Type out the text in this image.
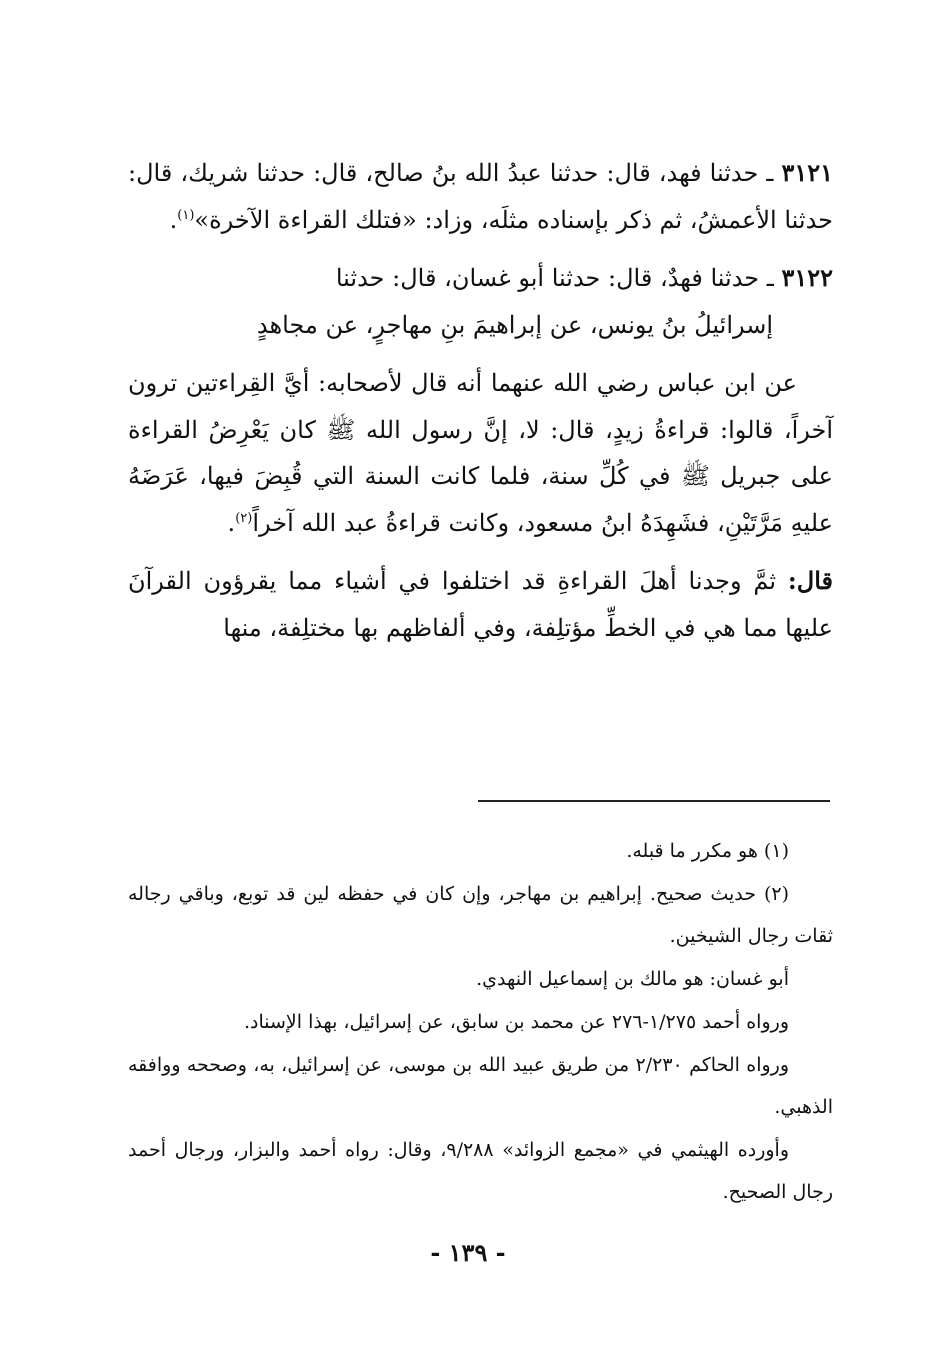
٣١٢١ ـ حدثنا فهد، قال: حدثنا عبدُ الله بنُ صالح، قال: حدثنا شريك، قال: حدثنا الأعمشُ، ثم ذكر بإسناده مثلَه، وزاد: «فتلك القراءة الآخرة»$^{(١)}$.

٣١٢٢ ـ حدثنا فهدٌ، قال: حدثنا أبو غسان، قال: حدثنا
إسرائيلُ بنُ يونس، عن إبراهيمَ بنِ مهاجرٍ، عن مجاهدٍ

عن ابن عباس رضي الله عنهما أنه قال لأصحابه: أيَّ القِراءتين ترون آخراً، قالوا: قراءةُ زيدٍ، قال: لا، إنَّ رسول الله ﷺ كان يَعْرِضُ القراءة على جبريل ﷺ في كُلِّ سنة، فلما كانت السنة التي قُبِضَ فيها، عَرَضَهُ عليهِ مَرَّتَيْنِ، فشَهِدَهُ ابنُ مسعود، وكانت قراءةُ عبد الله آخراً$^{(٢)}$.

قال: ثمَّ وجدنا أهلَ القراءةِ قد اختلفوا في أشياء مما يقرؤون القرآنَ عليها مما هي في الخطِّ مؤتلِفة، وفي ألفاظهم بها مختلِفة، منها

(١) هو مكرر ما قبله.

(٢) حديث صحيح. إبراهيم بن مهاجر، وإن كان في حفظه لين قد توبع، وباقي رجاله ثقات رجال الشيخين.

أبو غسان: هو مالك بن إسماعيل النهدي.

ورواه أحمد ١/٢٧٥-٢٧٦ عن محمد بن سابق، عن إسرائيل، بهذا الإسناد.

ورواه الحاكم ٢/٢٣٠ من طريق عبيد الله بن موسى، عن إسرائيل، به، وصححه ووافقه الذهبي.

وأورده الهيثمي في «مجمع الزوائد» ٩/٢٨٨، وقال: رواه أحمد والبزار، ورجال أحمد رجال الصحيح.

- ١٣٩ -
